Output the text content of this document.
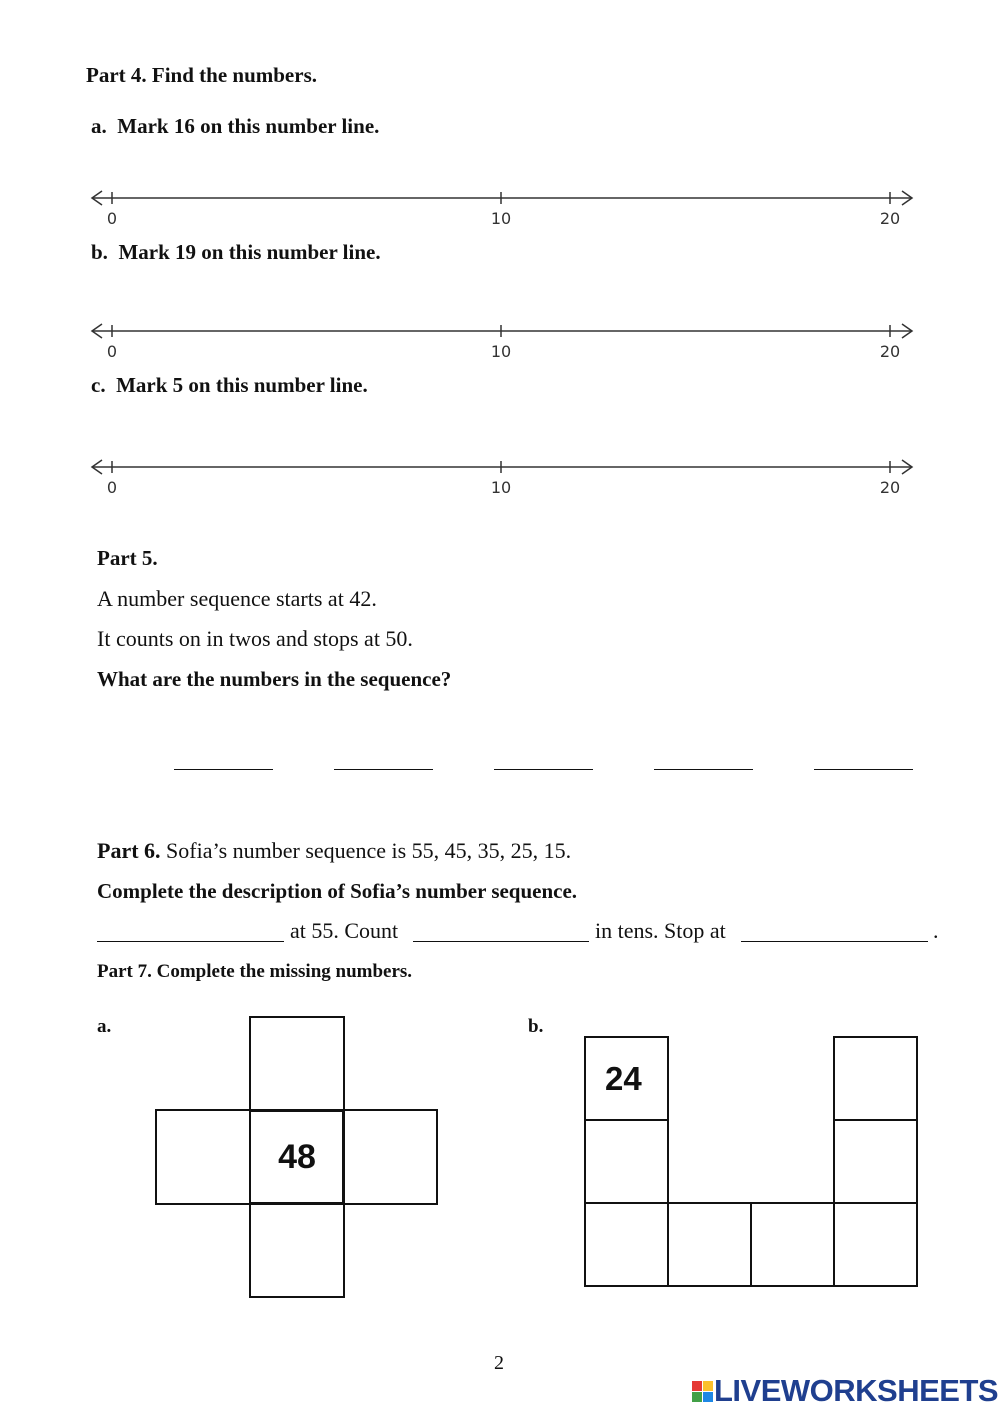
Part 4. Find the numbers.
a. Mark 16 on this number line.
0	10	20
b. Mark 19 on this number line.
0	10	20
c. Mark 5 on this number line.
0	10	20
Part 5.
A number sequence starts at 42.
It counts on in twos and stops at 50.
What are the numbers in the sequence?
Part 6. Sofia’s number sequence is 55, 45, 35, 25, 15.
Complete the description of Sofia’s number sequence.
at 55. Count	in tens. Stop at	.
Part 7. Complete the missing numbers.
a.	b.
48
24
2
LIVEWORKSHEETS
